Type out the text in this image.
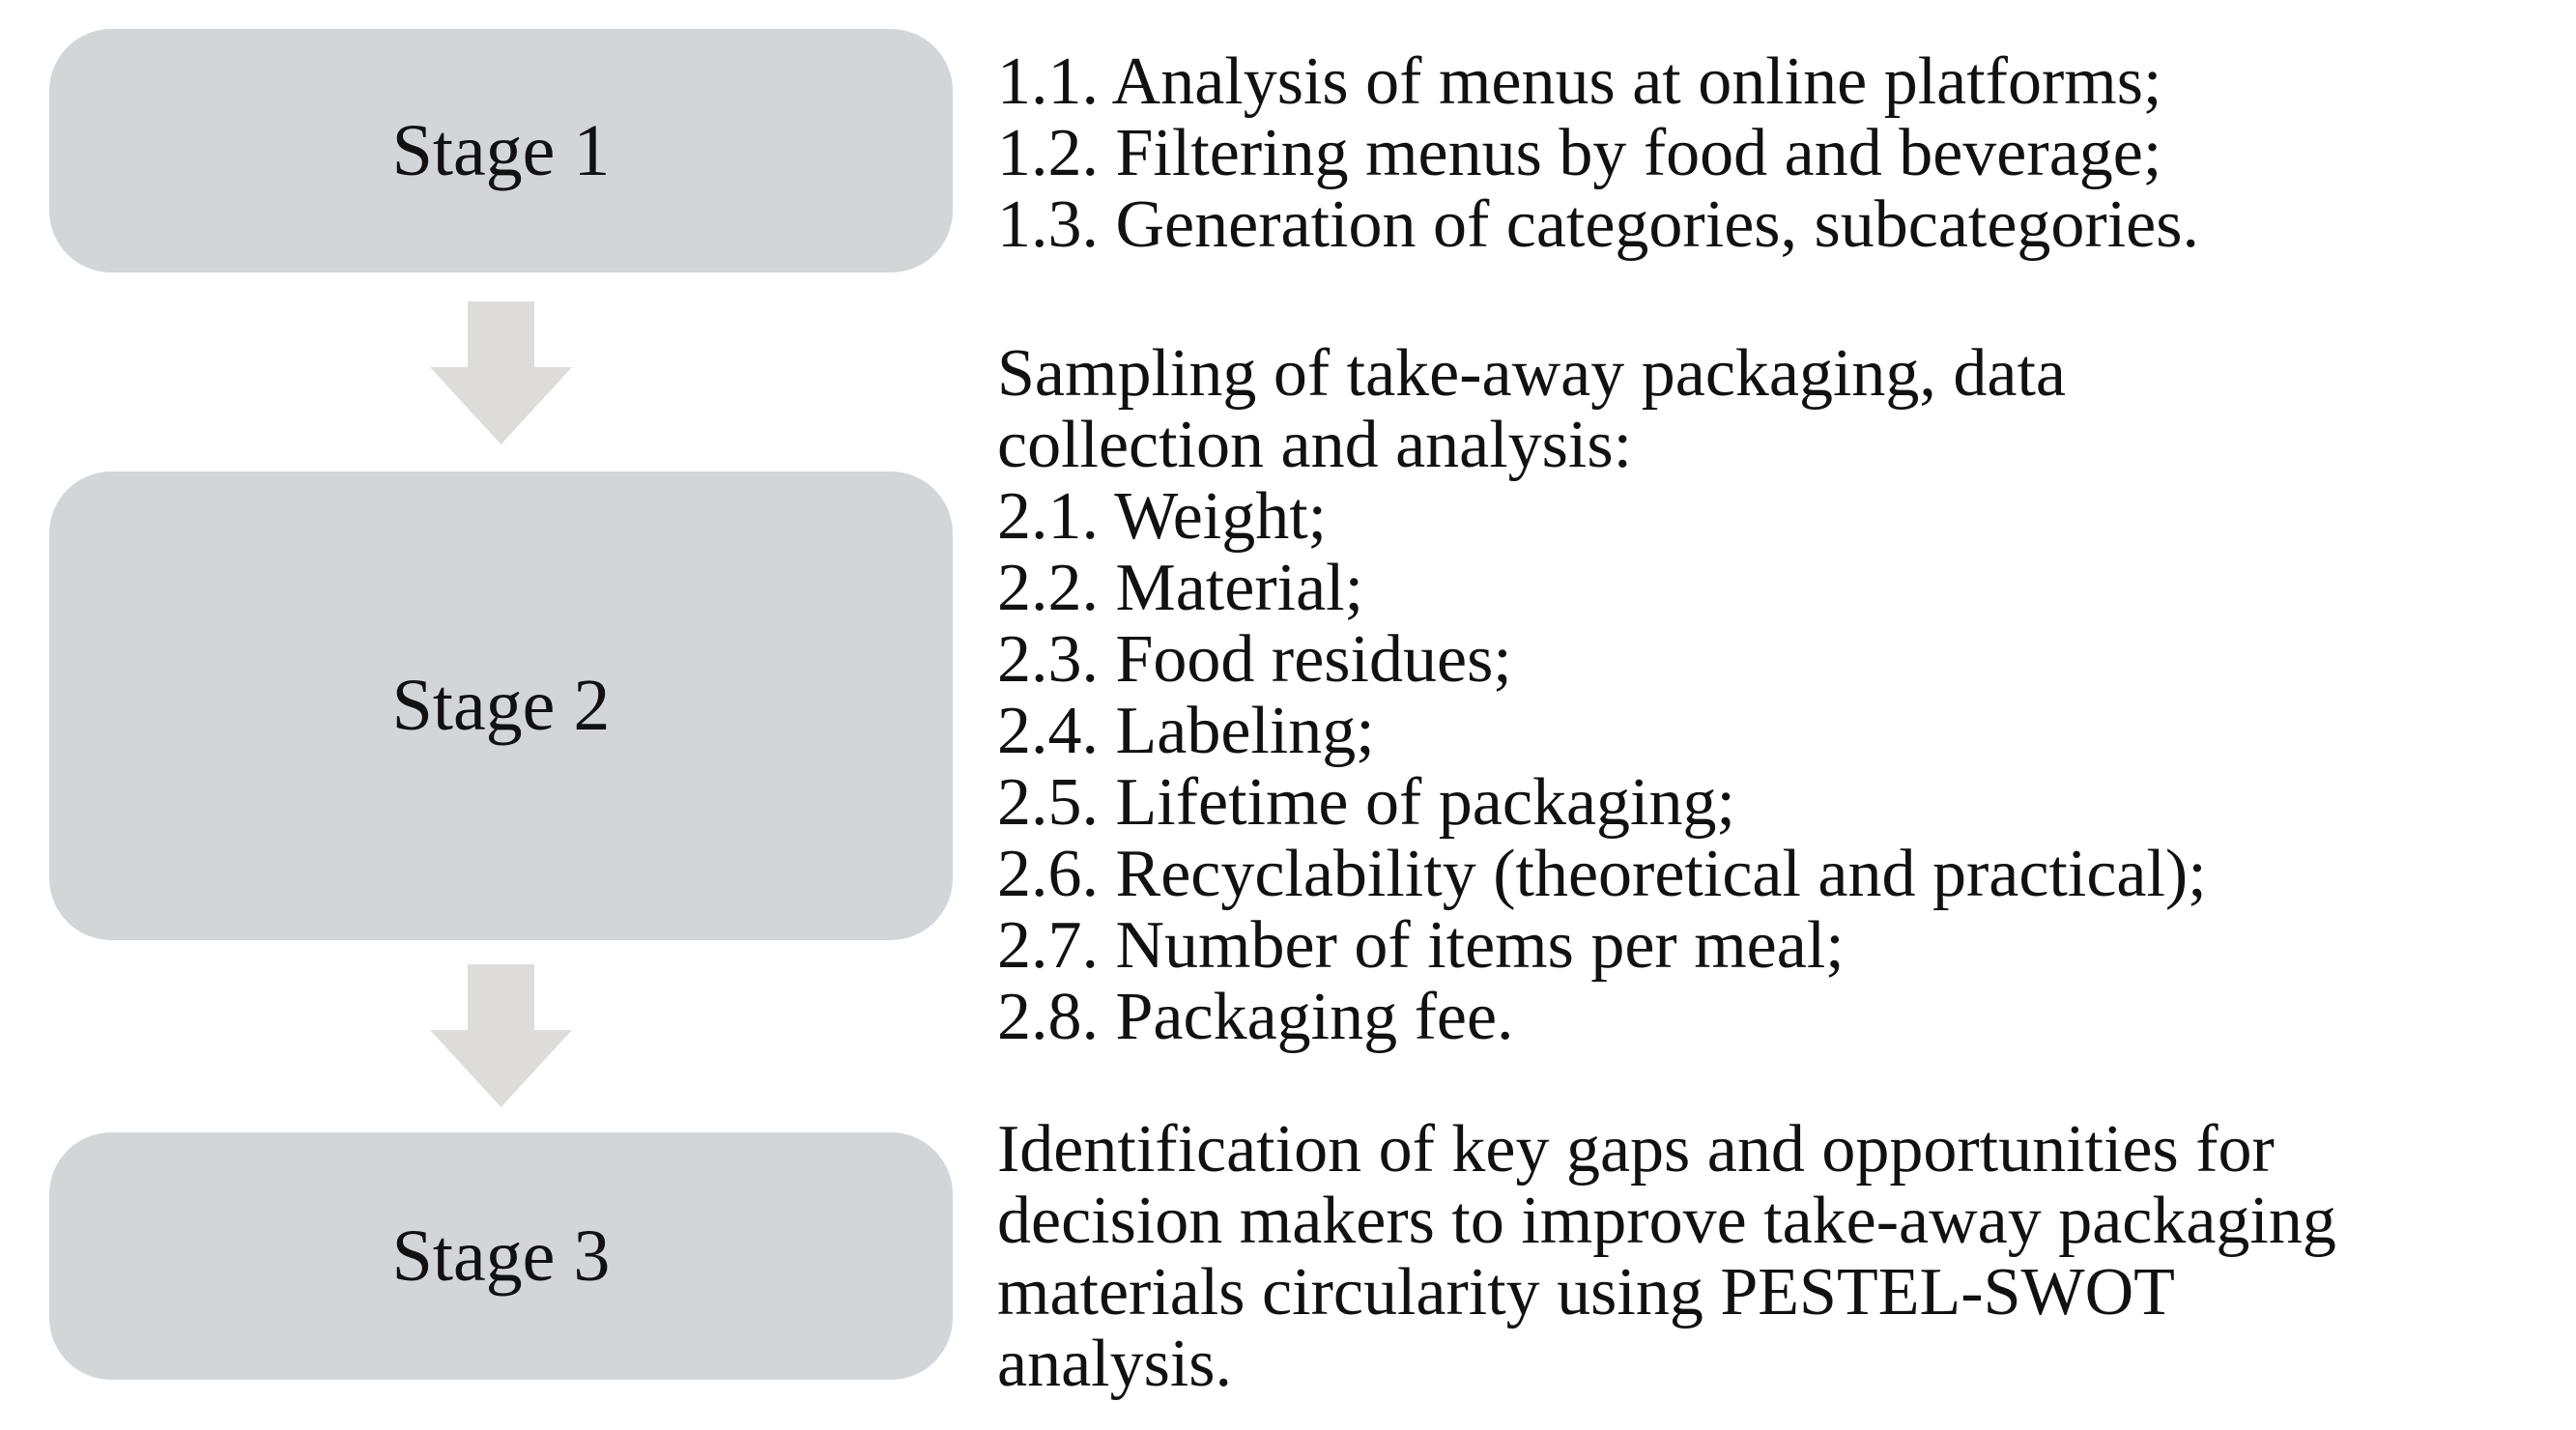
Stage 1
1.1. Analysis of menus at online platforms;
1.2. Filtering menus by food and beverage;
1.3. Generation of categories, subcategories.
Stage 2
Sampling of take-away packaging, data
collection and analysis:
2.1. Weight;
2.2. Material;
2.3. Food residues;
2.4. Labeling;
2.5. Lifetime of packaging;
2.6. Recyclability (theoretical and practical);
2.7. Number of items per meal;
2.8. Packaging fee.
Stage 3
Identification of key gaps and opportunities for
decision makers to improve take-away packaging
materials circularity using PESTEL-SWOT
analysis.
